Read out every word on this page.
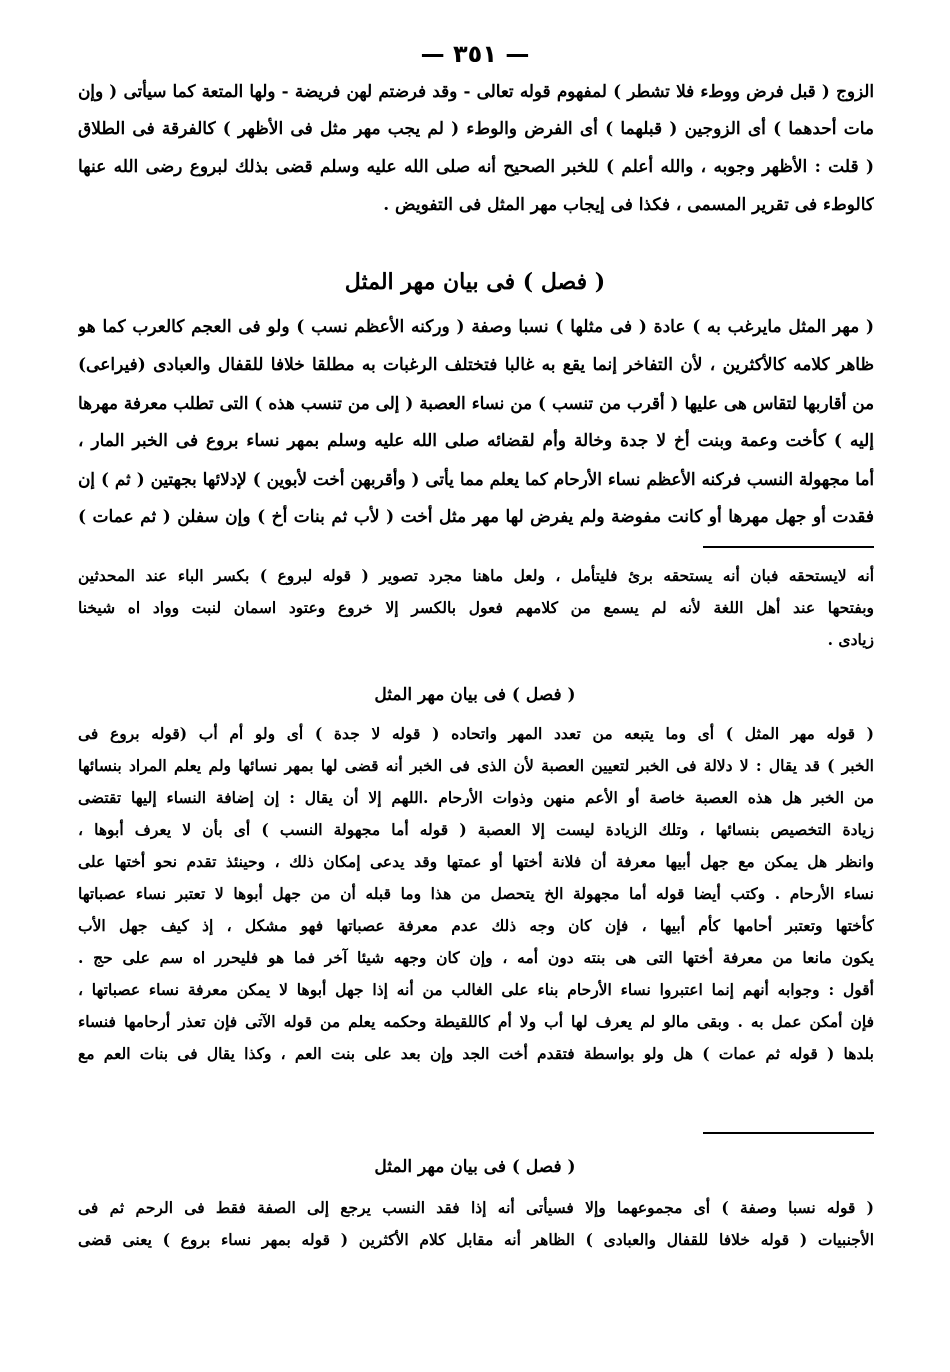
— ٣٥١ —
الزوج ( قبل فرض ووطء فلا تشطر ) لمفهوم قوله تعالى - وقد فرضتم لهن فريضة - ولها المتعة كما سيأتى ( وإن
مات أحدهما ) أى الزوجين ( قبلهما ) أى الفرض والوطء ( لم يجب مهر مثل فى الأظهر ) كالفرقة فى الطلاق
( قلت : الأظهر وجوبه ، والله أعلم ) للخبر الصحيح أنه صلى الله عليه وسلم قضى بذلك لبروع رضى الله عنها
كالوطء فى تقرير المسمى ، فكذا فى إيجاب مهر المثل فى التفويض .
( فصل ) فى بيان مهر المثل
( مهر المثل مايرغب به ) عادة ( فى مثلها ) نسبا وصفة ( وركنه الأعظم نسب ) ولو فى العجم كالعرب كما هو
ظاهر كلامه كالأكثرين ، لأن التفاخر إنما يقع به غالبا فتختلف الرغبات به مطلقا خلافا للقفال والعبادى (فيراعى)
من أقاربها لتقاس هى عليها ( أقرب من تنسب ) من نساء العصبة ( إلى من تنسب هذه ) التى تطلب معرفة مهرها
إليه ) كأخت وعمة وبنت أخ لا جدة وخالة وأم لقضائه صلى الله عليه وسلم بمهر نساء بروع فى الخبر المار ،
أما مجهولة النسب فركنه الأعظم نساء الأرحام كما يعلم مما يأتى ( وأقربهن أخت لأبوين ) لإدلائها بجهتين ( ثم ) إن
فقدت أو جهل مهرها أو كانت مفوضة ولم يفرض لها مهر مثل أخت ( لأب ثم بنات أخ ) وإن سفلن ( ثم عمات )
أنه لايستحقه فبان أنه يستحقه برئ فليتأمل ، ولعل ماهنا مجرد تصوير ( قوله لبروع ) بكسر الباء عند المحدثين
وبفتحها عند أهل اللغة لأنه لم يسمع من كلامهم فعول بالكسر إلا خروع وعتود اسمان لنبت وواد اه شيخنا
زيادى .
( فصل ) فى بيان مهر المثل
( قوله مهر المثل ) أى وما يتبعه من تعدد المهر واتحاده ( قوله لا جدة ) أى ولو أم أب (قوله بروع فى
الخبر ) قد يقال : لا دلالة فى الخبر لتعيين العصبة لأن الذى فى الخبر أنه قضى لها بمهر نسائها ولم يعلم المراد بنسائها
من الخبر هل هذه العصبة خاصة أو الأعم منهن وذوات الأرحام .اللهم إلا أن يقال : إن إضافة النساء إليها تقتضى
زيادة التخصيص بنسائها ، وتلك الزيادة ليست إلا العصبة ( قوله أما مجهولة النسب ) أى بأن لا يعرف أبوها ،
وانظر هل يمكن مع جهل أبيها معرفة أن فلانة أختها أو عمتها وقد يدعى إمكان ذلك ، وحينئذ تقدم نحو أختها على
نساء الأرحام . وكتب أيضا قوله أما مجهولة الخ يتحصل من هذا وما قبله أن من جهل أبوها لا تعتبر نساء عصباتها
كأختها وتعتبر أحامها كأم أبيها ، فإن كان وجه ذلك عدم معرفة عصباتها فهو مشكل ، إذ كيف جهل الأب
يكون مانعا من معرفة أختها التى هى بنته دون أمه ، وإن كان وجهه شيئا آخر فما هو فليحرر اه سم على حج .
أقول : وجوابه أنهم إنما اعتبروا نساء الأرحام بناء على الغالب من أنه إذا جهل أبوها لا يمكن معرفة نساء عصباتها ،
فإن أمكن عمل به . وبقى مالو لم يعرف لها أب ولا أم كاللقيطة وحكمه يعلم من قوله الآتى فإن تعذر أرحامها فنساء
بلدها ( قوله ثم عمات ) هل ولو بواسطة فتقدم أخت الجد وإن بعد على بنت العم ، وكذا يقال فى بنات العم مع
( فصل ) فى بيان مهر المثل
( قوله نسبا وصفة ) أى مجموعهما وإلا فسيأتى أنه إذا فقد النسب يرجع إلى الصفة فقط فى الرحم ثم فى
الأجنبيات ( قوله خلافا للقفال والعبادى ) الظاهر أنه مقابل كلام الأكثرين ( قوله بمهر نساء بروع ) يعنى قضى
